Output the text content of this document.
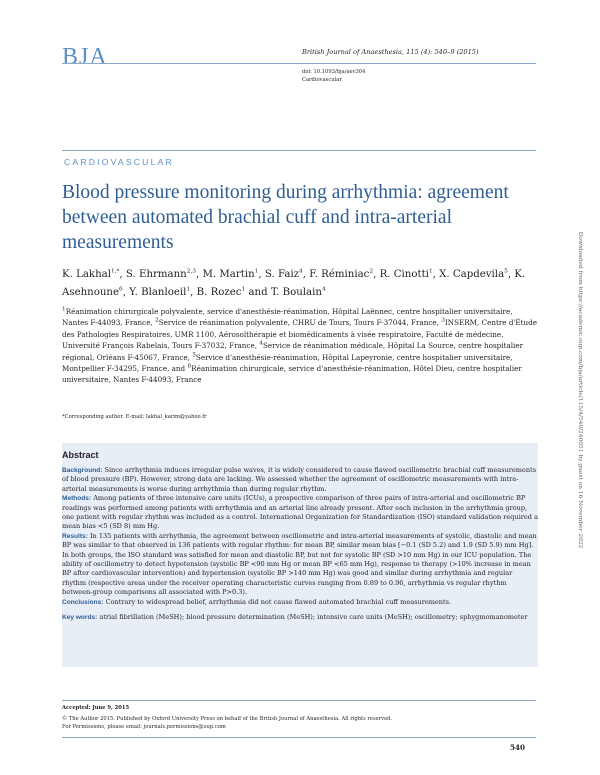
BJA	British Journal of Anaesthesia, 115 (4): 540–9 (2015)
doi: 10.1093/bja/aev304
Cardiovascular
CARDIOVASCULAR
Blood pressure monitoring during arrhythmia: agreement between automated brachial cuff and intra-arterial measurements
K. Lakhal$^{1,*}$, S. Ehrmann$^{2,3}$, M. Martin$^1$, S. Faiz$^4$, F. Réminiac$^2$, R. Cinotti$^1$, X. Capdevila$^5$, K. Asehnoune$^6$, Y. Blanloeil$^1$, B. Rozec$^1$ and T. Boulain$^4$
$^1$Réanimation chirurgicale polyvalente, service d'anesthésie-réanimation, Hôpital Laënnec, centre hospitalier universitaire, Nantes F-44093, France, $^2$Service de réanimation polyvalente, CHRU de Tours, Tours F-37044, France, $^3$INSERM, Centre d'Étude des Pathologies Respiratoires, UMR 1100, Aérosolthérapie et biomédicaments à visée respiratoire, Faculté de médecine, Université François Rabelais, Tours F-37032, France, $^4$Service de réanimation médicale, Hôpital La Source, centre hospitalier régional, Orléans F-45067, France, $^5$Service d'anesthésie-réanimation, Hôpital Lapeyronie, centre hospitalier universitaire, Montpellier F-34295, France, and $^6$Réanimation chirurgicale, service d'anesthésie-réanimation, Hôtel Dieu, centre hospitalier universitaire, Nantes F-44093, France
*Corresponding author. E-mail: lakhal_karim@yahoo.fr

Abstract

Background: Since arrhythmia induces irregular pulse waves, it is widely considered to cause flawed oscillometric brachial cuff measurements of blood pressure (BP). However, strong data are lacking. We assessed whether the agreement of oscillometric measurements with intra-arterial measurements is worse during arrhythmia than during regular rhythm.

Methods: Among patients of three intensive care units (ICUs), a prospective comparison of three pairs of intra-arterial and oscillometric BP readings was performed among patients with arrhythmia and an arterial line already present. After each inclusion in the arrhythmia group, one patient with regular rhythm was included as a control. International Organization for Standardization (ISO) standard validation required a mean bias <5 (SD 8) mm Hg.

Results: In 135 patients with arrhythmia, the agreement between oscillometric and intra-arterial measurements of systolic, diastolic and mean BP was similar to that observed in 136 patients with regular rhythm: for mean BP, similar mean bias [−0.1 (SD 5.2) and 1.9 (SD 5.9) mm Hg]. In both groups, the ISO standard was satisfied for mean and diastolic BP, but not for systolic BP (SD >10 mm Hg) in our ICU population. The ability of oscillometry to detect hypotension (systolic BP <90 mm Hg or mean BP <65 mm Hg), response to therapy (>10% increase in mean BP after cardiovascular intervention) and hypertension (systolic BP >140 mm Hg) was good and similar during arrhythmia and regular rhythm (respective areas under the receiver operating characteristic curves ranging from 0.89 to 0.96, arrhythmia vs regular rhythm between-group comparisons all associated with P>0.3).

Conclusions: Contrary to widespread belief, arrhythmia did not cause flawed automated brachial cuff measurements.

Key words: atrial fibrillation (MeSH); blood pressure determination (MeSH); intensive care units (MeSH); oscillometry; sphygmomanometer

Accepted: June 9, 2015
© The Author 2015. Published by Oxford University Press on behalf of the British Journal of Anaesthesia. All rights reserved.
For Permissions, please email: journals.permissions@oup.com
540
Downloaded from https://academic.oup.com/bja/article/115/4/540/240051 by guest on 16 November 2022
